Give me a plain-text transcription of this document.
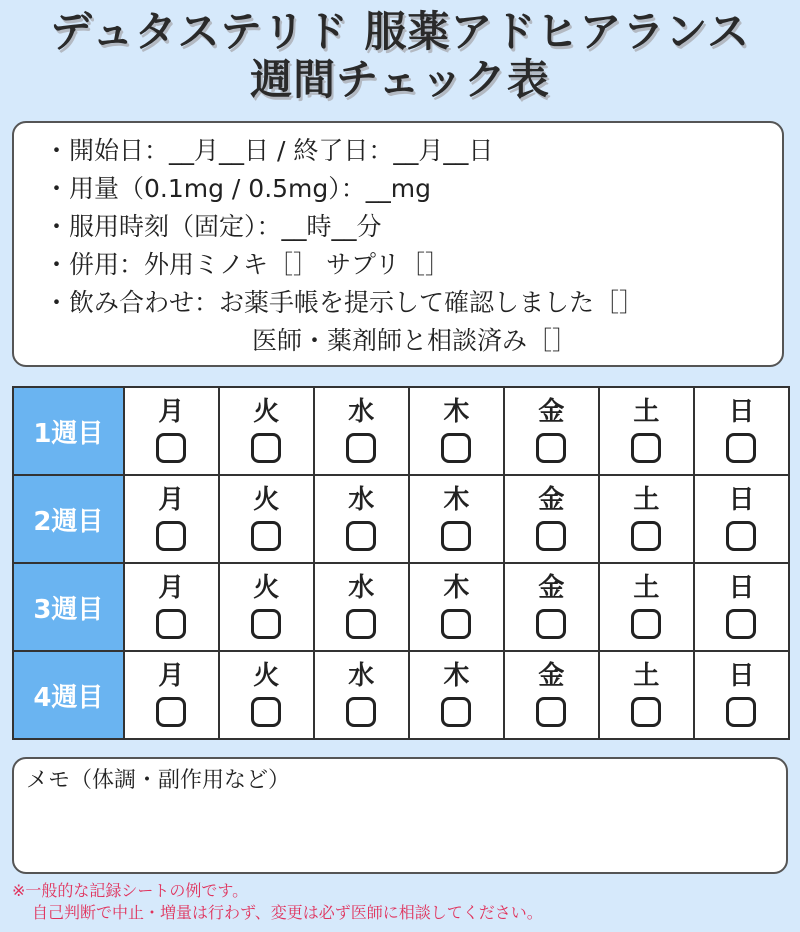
デュタステリド 服薬アドヒアランス
週間チェック表
・開始日：__月__日 / 終了日：__月__日
・用量（0.1mg / 0.5mg）：__mg
・服用時刻（固定）：__時__分
・併用：外用ミノキ［］ サプリ［］
・飲み合わせ：お薬手帳を提示して確認しました［］
医師・薬剤師と相談済み［］
1週目	月	火	水	木	金	土	日

2週目	月	火	水	木	金	土	日

3週目	月	火	水	木	金	土	日

4週目	月	火	水	木	金	土	日
メモ（体調・副作用など）
※一般的な記録シートの例です。
自己判断で中止・増量は行わず、変更は必ず医師に相談してください。
